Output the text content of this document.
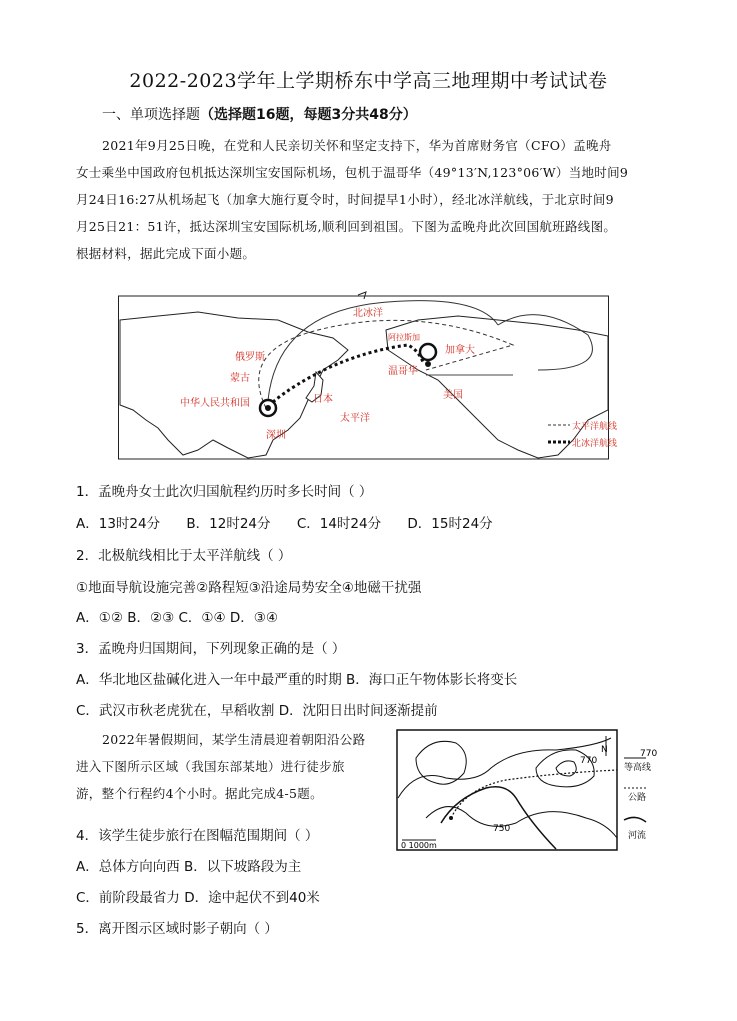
2022-2023学年上学期桥东中学高三地理期中考试试卷
一、单项选择题（选择题16题，每题3分共48分）
2021年9月25日晚，在党和人民亲切关怀和坚定支持下，华为首席财务官（CFO）孟晚舟
女士乘坐中国政府包机抵达深圳宝安国际机场，包机于温哥华（49°13′N,123°06′W）当地时间9
月24日16:27从机场起飞（加拿大施行夏令时，时间提早1小时），经北冰洋航线，于北京时间9
月25日21：51许，抵达深圳宝安国际机场,顺利回到祖国。下图为孟晚舟此次回国航班路线图。
根据材料，据此完成下面小题。
北冰洋
俄罗斯
蒙古
中华人民共和国
深圳
日本
太平洋
加拿大
温哥华
阿拉斯加
美国
太平洋航线
北冰洋航线
1．孟晚舟女士此次归国航程约历时多长时间（ ）
A．13时24分 B．12时24分 C．14时24分 D．15时24分
2．北极航线相比于太平洋航线（ ）
①地面导航设施完善②路程短③沿途局势安全④地磁干扰强
A．①② B．②③ C．①④ D．③④
3．孟晚舟归国期间，下列现象正确的是（ ）
A．华北地区盐碱化进入一年中最严重的时期 B．海口正午物体影长将变长
C．武汉市秋老虎犹在，早稻收割 D．沈阳日出时间逐渐提前
2022年暑假期间，某学生清晨迎着朝阳沿公路
进入下图所示区域（我国东部某地）进行徒步旅
游，整个行程约4个小时。据此完成4-5题。
N
770
750
0 1000m
770
等高线
公路
河流
4．该学生徒步旅行在图幅范围期间（ ）
A．总体方向向西 B．以下坡路段为主
C．前阶段最省力 D．途中起伏不到40米
5．离开图示区域时影子朝向（ ）
